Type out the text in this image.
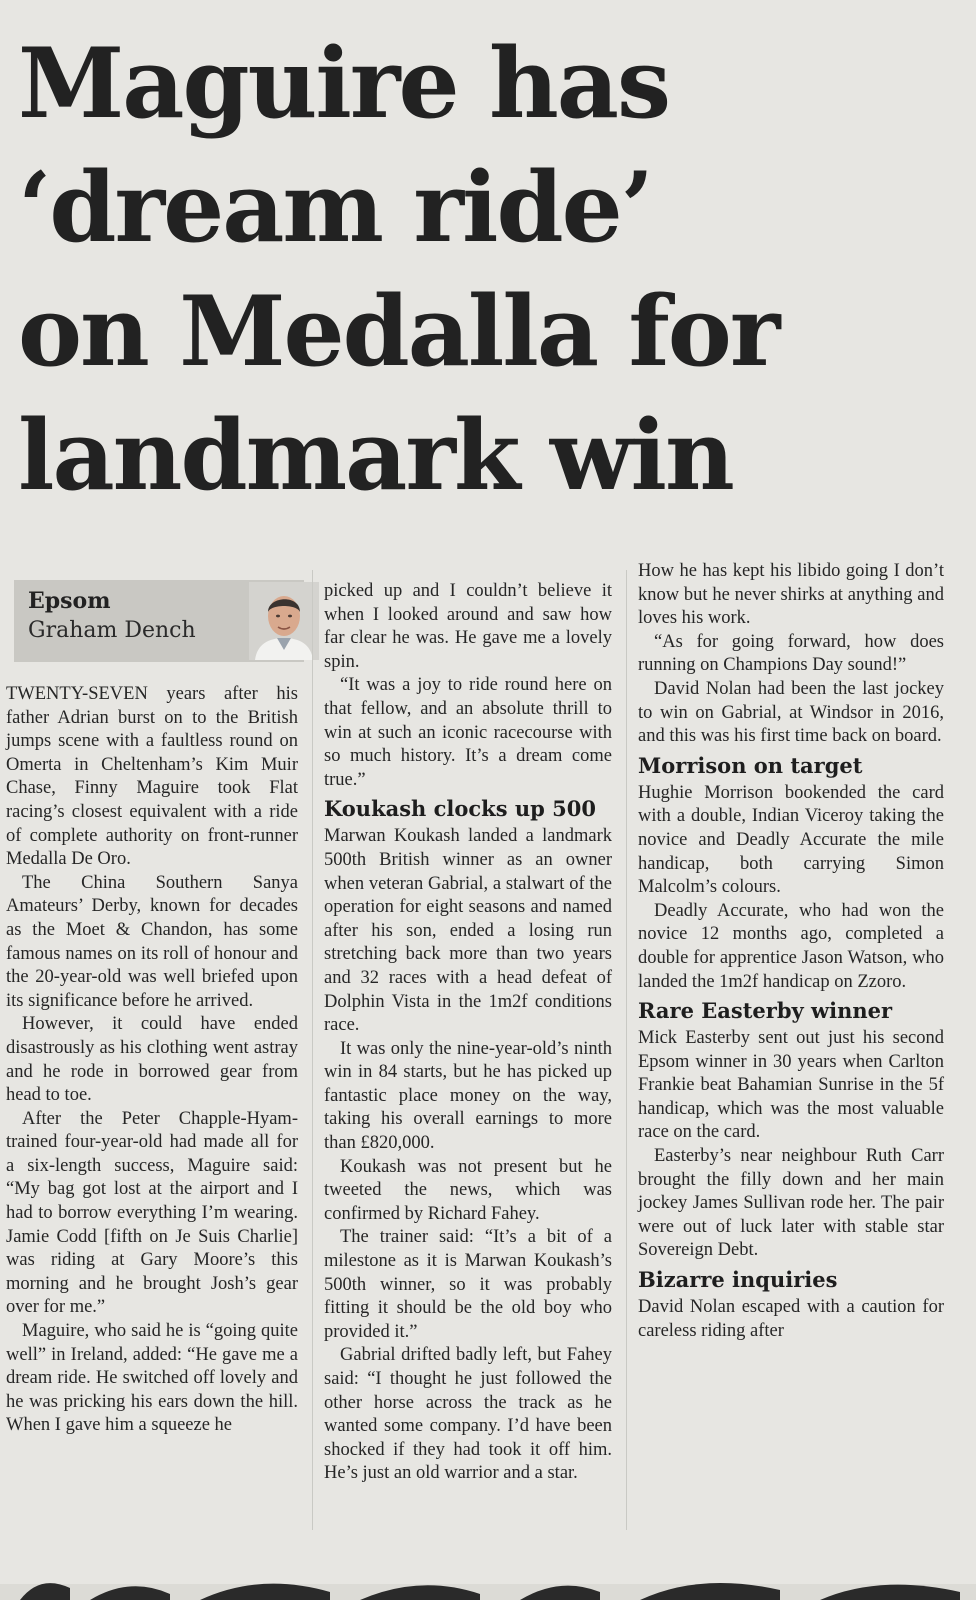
Maguire has
‘dream ride’
on Medalla for
landmark win
Epsom
Graham Dench

TWENTY-SEVEN years after his father Adrian burst on to the British jumps scene with a faultless round on Omerta in Cheltenham’s Kim Muir Chase, Finny Maguire took Flat racing’s closest equivalent with a ride of complete authority on front-runner Medalla De Oro.

The China Southern Sanya Amateurs’ Derby, known for decades as the Moet & Chandon, has some famous names on its roll of honour and the 20-year-old was well briefed upon its significance before he arrived.

However, it could have ended disastrously as his clothing went astray and he rode in borrowed gear from head to toe.

After the Peter Chapple-Hyam-trained four-year-old had made all for a six-length success, Maguire said: “My bag got lost at the airport and I had to borrow everything I’m wearing. Jamie Codd [fifth on Je Suis Charlie] was riding at Gary Moore’s this morning and he brought Josh’s gear over for me.”

Maguire, who said he is “going quite well” in Ireland, added: “He gave me a dream ride. He switched off lovely and he was pricking his ears down the hill. When I gave him a squeeze he

picked up and I couldn’t believe it when I looked around and saw how far clear he was. He gave me a lovely spin.

“It was a joy to ride round here on that fellow, and an absolute thrill to win at such an iconic racecourse with so much history. It’s a dream come true.”

Koukash clocks up 500

Marwan Koukash landed a landmark 500th British winner as an owner when veteran Gabrial, a stalwart of the operation for eight seasons and named after his son, ended a losing run stretching back more than two years and 32 races with a head defeat of Dolphin Vista in the 1m2f conditions race.

It was only the nine-year-old’s ninth win in 84 starts, but he has picked up fantastic place money on the way, taking his overall earnings to more than £820,000.

Koukash was not present but he tweeted the news, which was confirmed by Richard Fahey.

The trainer said: “It’s a bit of a milestone as it is Marwan Koukash’s 500th winner, so it was probably fitting it should be the old boy who provided it.”

Gabrial drifted badly left, but Fahey said: “I thought he just followed the other horse across the track as he wanted some company. I’d have been shocked if they had took it off him. He’s just an old warrior and a star.

How he has kept his libido going I don’t know but he never shirks at anything and loves his work.

“As for going forward, how does running on Champions Day sound!”

David Nolan had been the last jockey to win on Gabrial, at Windsor in 2016, and this was his first time back on board.

Morrison on target

Hughie Morrison bookended the card with a double, Indian Viceroy taking the novice and Deadly Accurate the mile handicap, both carrying Simon Malcolm’s colours.

Deadly Accurate, who had won the novice 12 months ago, completed a double for apprentice Jason Watson, who landed the 1m2f handicap on Zzoro.

Rare Easterby winner

Mick Easterby sent out just his second Epsom winner in 30 years when Carlton Frankie beat Bahamian Sunrise in the 5f handicap, which was the most valuable race on the card.

Easterby’s near neighbour Ruth Carr brought the filly down and her main jockey James Sullivan rode her. The pair were out of luck later with stable star Sovereign Debt.

Bizarre inquiries

David Nolan escaped with a caution for careless riding after
